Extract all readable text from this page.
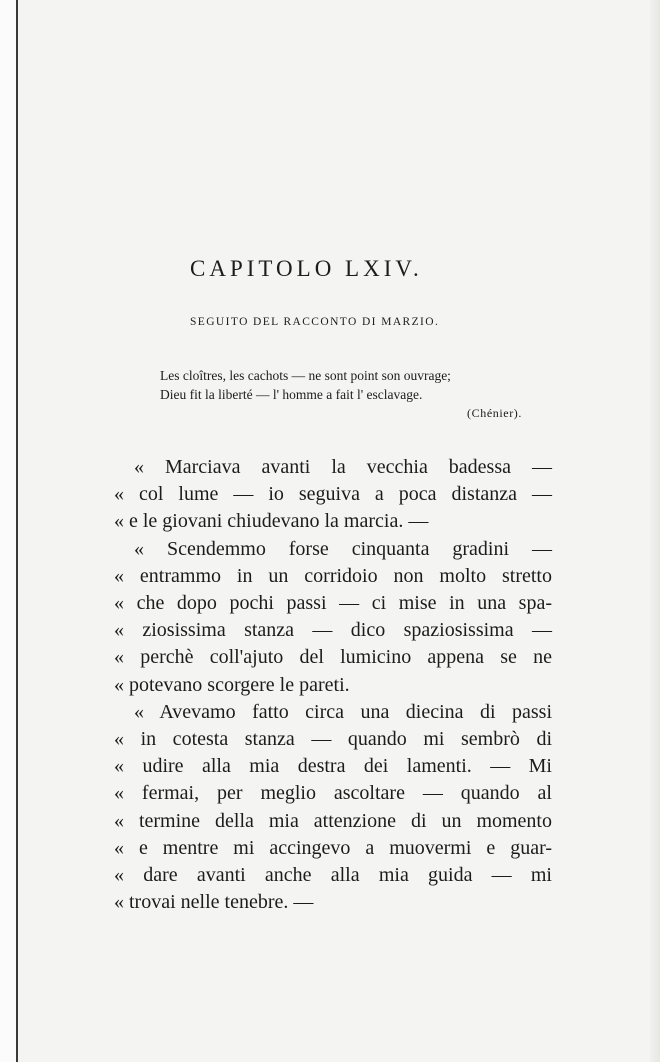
CAPITOLO LXIV.
SEGUITO DEL RACCONTO DI MARZIO.
Les cloîtres, les cachots — ne sont point son ouvrage;
Dieu fit la liberté — l' homme a fait l' esclavage.
(Chénier).
« Marciava avanti la vecchia badessa —
« col lume — io seguiva a poca distanza —
« e le giovani chiudevano la marcia. —
« Scendemmo forse cinquanta gradini —
« entrammo in un corridoio non molto stretto
« che dopo pochi passi — ci mise in una spa-
« ziosissima stanza — dico spaziosissima —
« perchè coll'ajuto del lumicino appena se ne
« potevano scorgere le pareti.
« Avevamo fatto circa una diecina di passi
« in cotesta stanza — quando mi sembrò di
« udire alla mia destra dei lamenti. — Mi
« fermai, per meglio ascoltare — quando al
« termine della mia attenzione di un momento
« e mentre mi accingevo a muovermi e guar-
« dare avanti anche alla mia guida — mi
« trovai nelle tenebre. —
